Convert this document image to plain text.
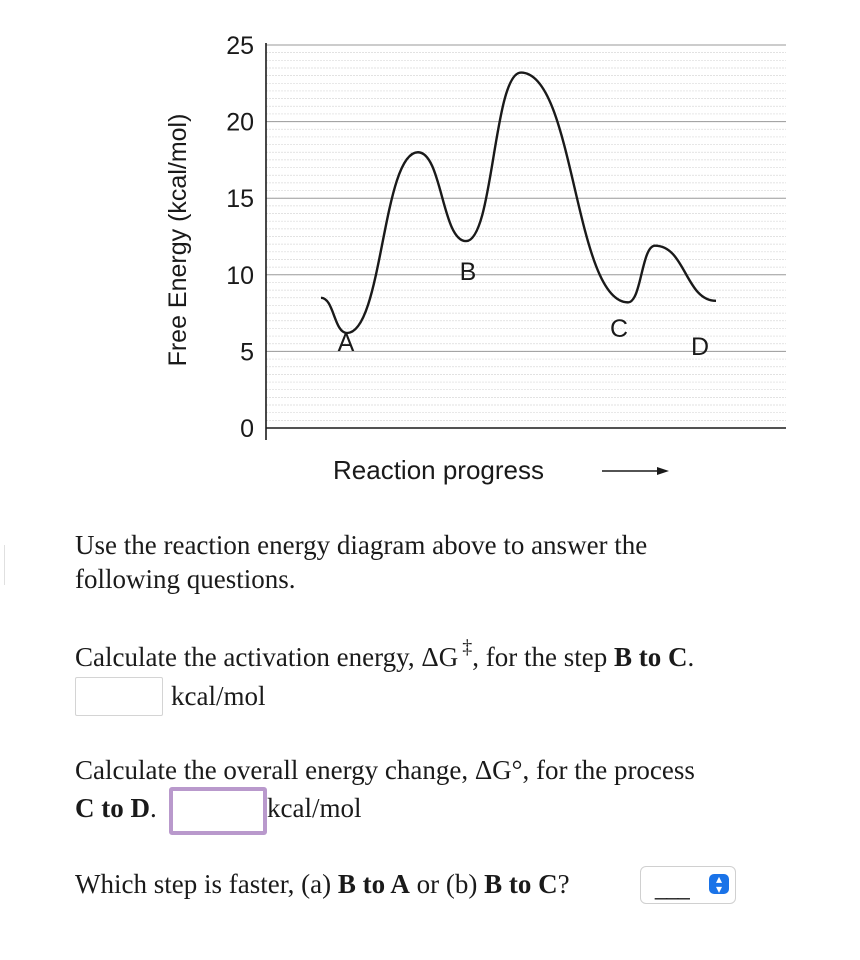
0
5
10
15
20
25
Free Energy (kcal/mol)
Reaction progress
A
B
C
D
Use the reaction energy diagram above to answer the
following questions.
Calculate the activation energy, ΔG ‡, for the step B to C.
kcal/mol
Calculate the overall energy change, ΔG°, for the process
C to D.	kcal/mol
Which step is faster, (a) B to A or (b) B to C?	___	▴
▾
